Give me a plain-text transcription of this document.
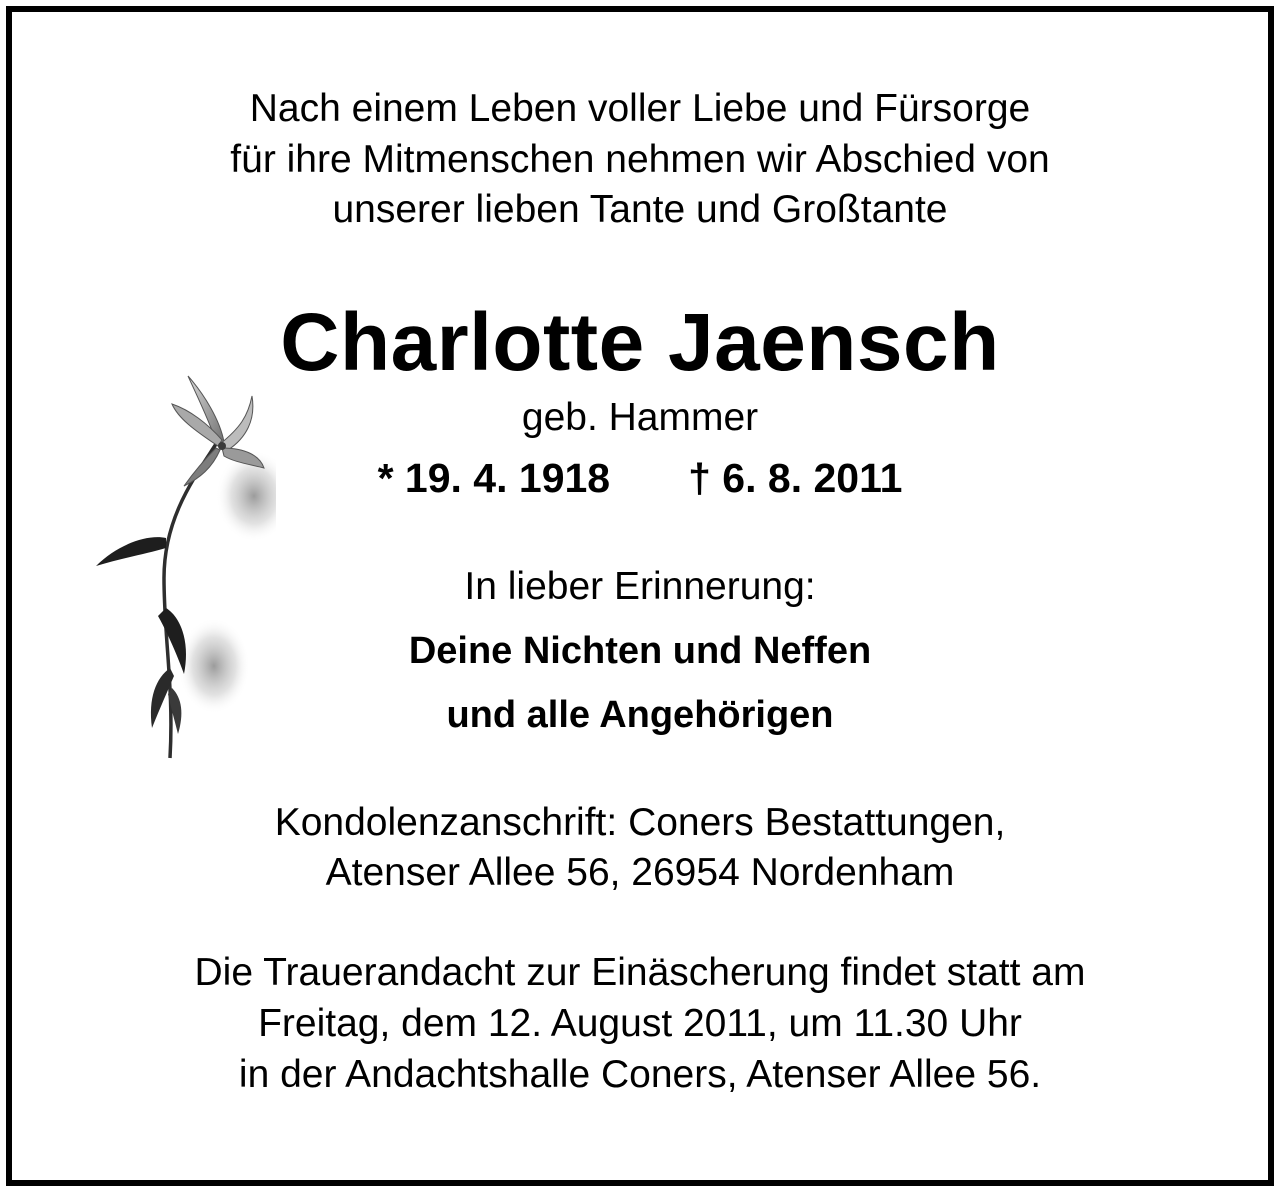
Nach einem Leben voller Liebe und Fürsorge
für ihre Mitmenschen nehmen wir Abschied von
unserer lieben Tante und Großtante
Charlotte Jaensch
geb. Hammer
* 19. 4. 1918 † 6. 8. 2011
In lieber Erinnerung:
Deine Nichten und Neffen
und alle Angehörigen
Kondolenzanschrift: Coners Bestattungen,
Atenser Allee 56, 26954 Nordenham
Die Trauerandacht zur Einäscherung findet statt am
Freitag, dem 12. August 2011, um 11.30 Uhr
in der Andachtshalle Coners, Atenser Allee 56.
